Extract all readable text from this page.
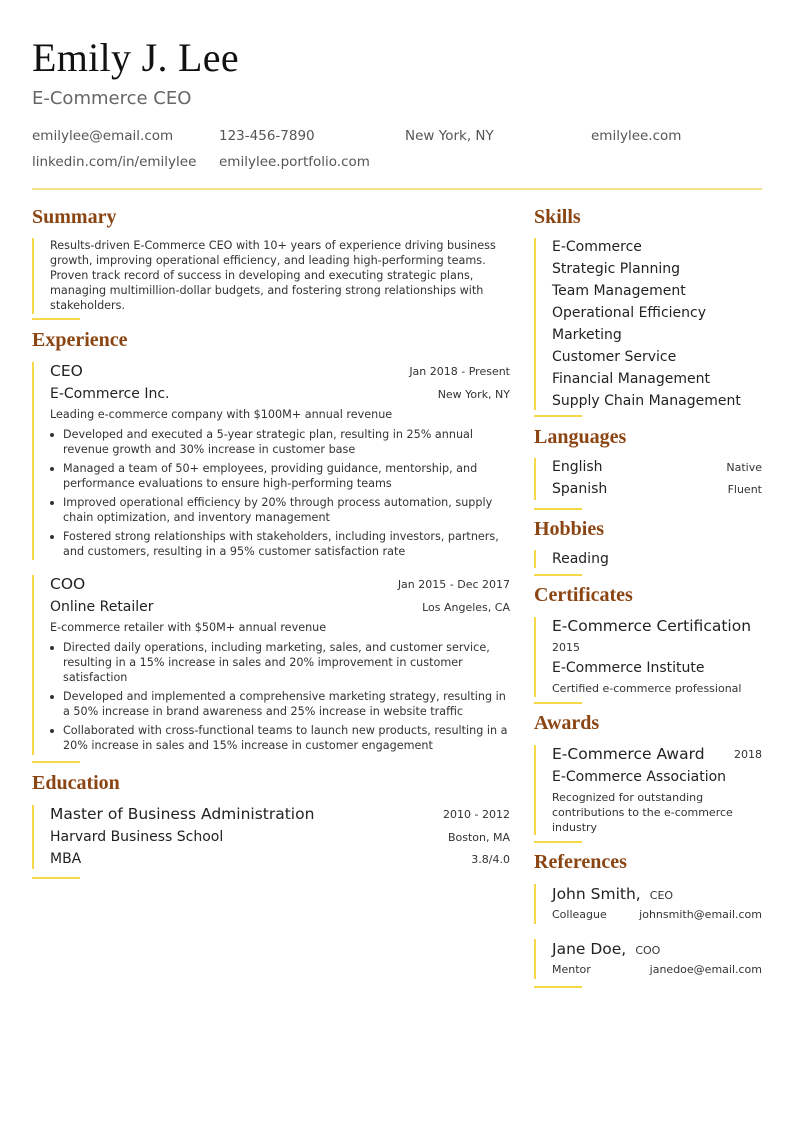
Emily J. Lee
E-Commerce CEO
emilylee@email.com	123-456-7890	New York, NY	emilylee.com
linkedin.com/in/emilylee emilylee.portfolio.com
Summary
Results-driven E-Commerce CEO with 10+ years of experience driving business
growth, improving operational efficiency, and leading high-performing teams.
Proven track record of success in developing and executing strategic plans,
managing multimillion-dollar budgets, and fostering strong relationships with
stakeholders.
Experience
CEO	Jan 2018 - Present
E-Commerce Inc.	New York, NY
Leading e-commerce company with $100M+ annual revenue
Developed and executed a 5-year strategic plan, resulting in 25% annual
revenue growth and 30% increase in customer base
Managed a team of 50+ employees, providing guidance, mentorship, and
performance evaluations to ensure high-performing teams
Improved operational efficiency by 20% through process automation, supply
chain optimization, and inventory management
Fostered strong relationships with stakeholders, including investors, partners,
and customers, resulting in a 95% customer satisfaction rate
COO	Jan 2015 - Dec 2017
Online Retailer	Los Angeles, CA
E-commerce retailer with $50M+ annual revenue
Directed daily operations, including marketing, sales, and customer service,
resulting in a 15% increase in sales and 20% improvement in customer
satisfaction
Developed and implemented a comprehensive marketing strategy, resulting in
a 50% increase in brand awareness and 25% increase in website traffic
Collaborated with cross-functional teams to launch new products, resulting in a
20% increase in sales and 15% increase in customer engagement
Education
Master of Business Administration	2010 - 2012
Harvard Business School	Boston, MA
MBA	3.8/4.0
Skills
E-Commerce
Strategic Planning
Team Management
Operational Efficiency
Marketing
Customer Service
Financial Management
Supply Chain Management
Languages
English	Native
Spanish	Fluent
Hobbies
Reading
Certificates
E-Commerce Certification
2015
E-Commerce Institute
Certified e-commerce professional
Awards
E-Commerce Award	2018
E-Commerce Association
Recognized for outstanding
contributions to the e-commerce
industry
References
John Smith, CEO
Colleague	johnsmith@email.com
Jane Doe, COO
Mentor	janedoe@email.com
